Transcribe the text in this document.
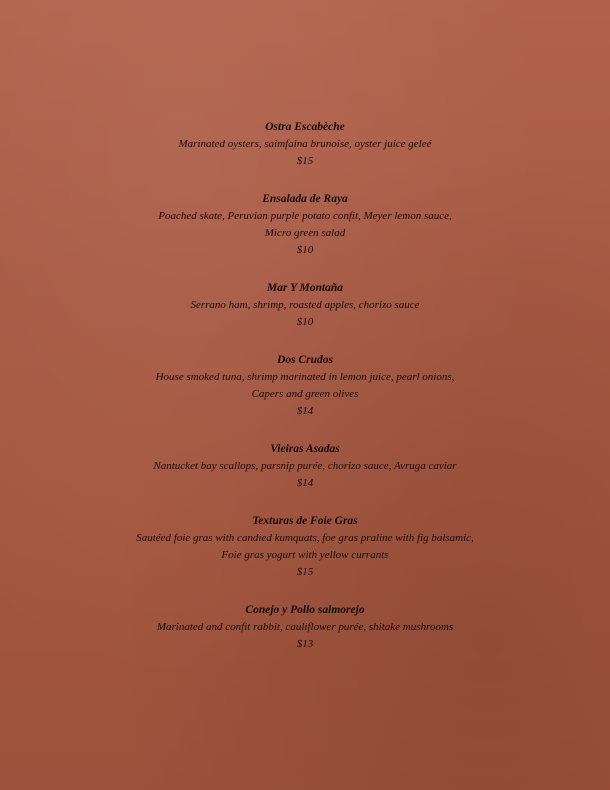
Ostra Escabèche
Marinated oysters, saimfaina brunoise, oyster juice geleé
$15
Ensalada de Raya
Poached skate, Peruvian purple potato confit, Meyer lemon sauce,
Micro green salad
$10
Mar Y Montaña
Serrano ham, shrimp, roasted apples, chorizo sauce
$10
Dos Crudos
House smoked tuna, shrimp marinated in lemon juice, pearl onions,
Capers and green olives
$14
Vieiras Asadas
Nantucket bay scallops, parsnip purée, chorizo sauce, Avruga caviar
$14
Texturas de Foie Gras
Sautéed foie gras with candied kumquats, foe gras praline with fig balsamic,
Foie gras yogurt with yellow currants
$15
Conejo y Pollo salmorejo
Marinated and confit rabbit, cauliflower purée, shitake mushrooms
$13
